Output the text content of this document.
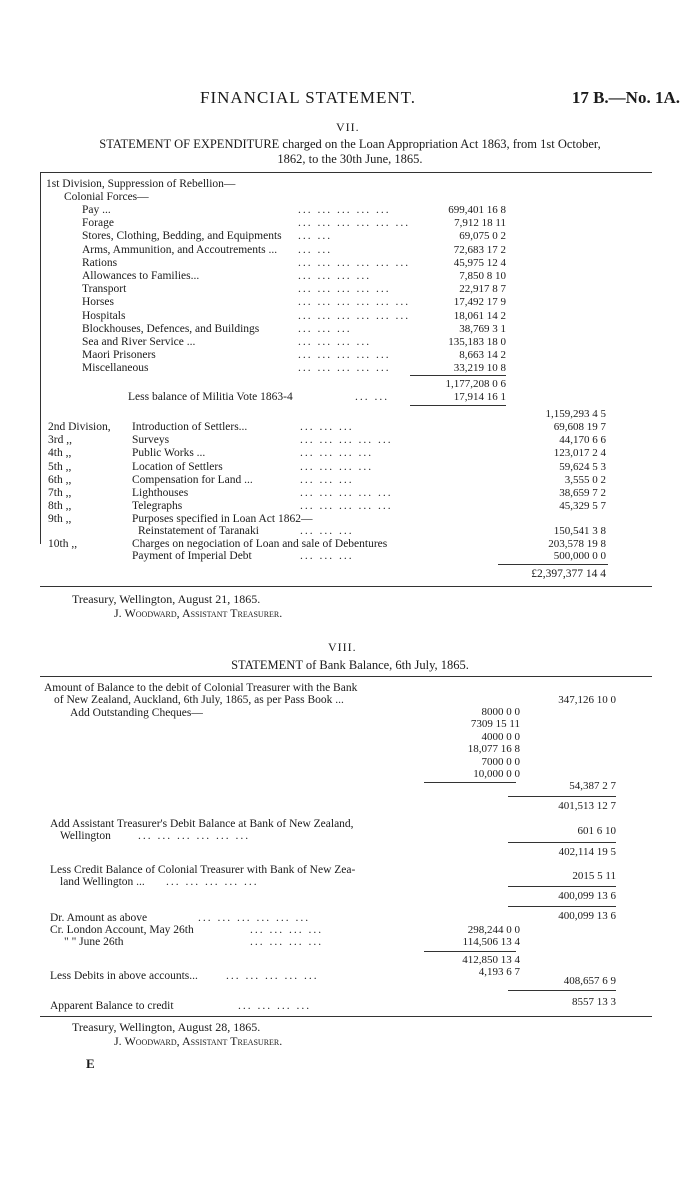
FINANCIAL STATEMENT.	17 B.—No. 1A.
VII.
STATEMENT OF EXPENDITURE charged on the Loan Appropriation Act 1863, from 1st October,
1862, to the 30th June, 1865.
1st Division, Suppression of Rebellion—
Colonial Forces—
Pay ...	... ... ... ... ...	699,401 16 8
Forage	... ... ... ... ... ...	7,912 18 11
Stores, Clothing, Bedding, and Equipments ... ...	69,075 0 2
Arms, Ammunition, and Accoutrements ... ... ...	72,683 17 2
Rations	... ... ... ... ... ...	45,975 12 4
Allowances to Families...	... ... ... ...	7,850 8 10
Transport	... ... ... ... ...	22,917 8 7
Horses	... ... ... ... ... ...	17,492 17 9
Hospitals	... ... ... ... ... ...	18,061 14 2
Blockhouses, Defences, and Buildings	... ... ...	38,769 3 1
Sea and River Service ...	... ... ... ...	135,183 18 0
Maori Prisoners	... ... ... ... ...	8,663 14 2
Miscellaneous	... ... ... ... ...	33,219 10 8
1,177,208 0 6
Less balance of Militia Vote 1863-4	... ...	17,914 16 1
1,159,293 4 5
2nd Division, Introduction of Settlers...	... ... ...	69,608 19 7
3rd ,,	Surveys	... ... ... ... ...	44,170 6 6
4th ,,	Public Works ...	... ... ... ...	123,017 2 4
5th ,,	Location of Settlers	... ... ... ...	59,624 5 3
6th ,,	Compensation for Land ...	... ... ...	3,555 0 2
7th ,,	Lighthouses	... ... ... ... ...	38,659 7 2
8th ,,	Telegraphs	... ... ... ... ...	45,329 5 7
9th ,,	Purposes specified in Loan Act 1862—
Reinstatement of Taranaki	... ... ...	150,541 3 8
10th ,,	Charges on negociation of Loan and sale of Debentures	203,578 19 8
Payment of Imperial Debt	... ... ...	500,000 0 0
£2,397,377 14 4
Treasury, Wellington, August 21, 1865.
J. Woodward, Assistant Treasurer.
VIII.
STATEMENT of Bank Balance, 6th July, 1865.
Amount of Balance to the debit of Colonial Treasurer with the Bank
of New Zealand, Auckland, 6th July, 1865, as per Pass Book ...	347,126 10 0
Add Outstanding Cheques—	8000 0 0
7309 15 11
4000 0 0
18,077 16 8
7000 0 0
10,000 0 0
54,387 2 7
401,513 12 7
Add Assistant Treasurer's Debit Balance at Bank of New Zealand,
Wellington ... ... ... ... ... ...	601 6 10
402,114 19 5
Less Credit Balance of Colonial Treasurer with Bank of New Zea-
land Wellington ... ... ... ... ... ...	2015 5 11
400,099 13 6
Dr. Amount as above	... ... ... ... ... ...	400,099 13 6
Cr. London Account, May 26th	... ... ... ...	298,244 0 0
" " June 26th	... ... ... ...	114,506 13 4
412,850 13 4
Less Debits in above accounts... ... ... ... ... ...	4,193 6 7
408,657 6 9
Apparent Balance to credit	... ... ... ...	8557 13 3
Treasury, Wellington, August 28, 1865.
J. Woodward, Assistant Treasurer.
E
